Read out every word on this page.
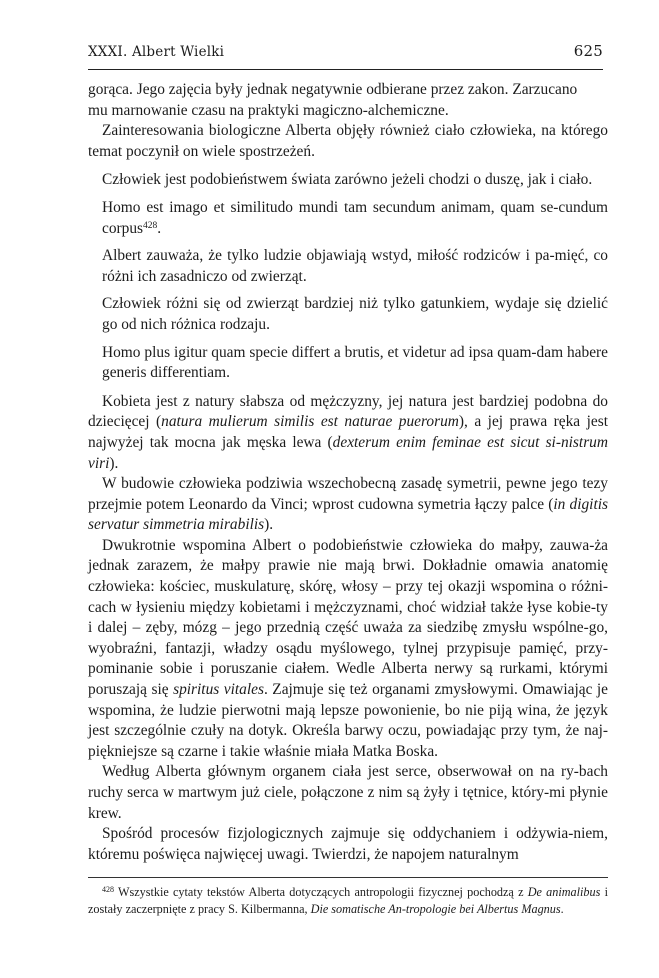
XXXI. Albert Wielki	625

gorąca. Jego zajęcia były jednak negatywnie odbierane przez zakon. Zarzucano
mu marnowanie czasu na praktyki magiczno-alchemiczne.

Zainteresowania biologiczne Alberta objęły również ciało człowieka, na którego temat poczynił on wiele spostrzeżeń.

Człowiek jest podobieństwem świata zarówno jeżeli chodzi o duszę, jak i ciało.

Homo est imago et similitudo mundi tam secundum animam, quam se-cundum corpus$^{428}$.

Albert zauważa, że tylko ludzie objawiają wstyd, miłość rodziców i pa-mięć, co różni ich zasadniczo od zwierząt.

Człowiek różni się od zwierząt bardziej niż tylko gatunkiem, wydaje się dzielić go od nich różnica rodzaju.

Homo plus igitur quam specie differt a brutis, et videtur ad ipsa quam-dam habere generis differentiam.

Kobieta jest z natury słabsza od mężczyzny, jej natura jest bardziej podobna do dziecięcej (natura mulierum similis est naturae puerorum), a jej prawa ręka jest najwyżej tak mocna jak męska lewa (dexterum enim feminae est sicut si-nistrum viri).

W budowie człowieka podziwia wszechobecną zasadę symetrii, pewne jego tezy przejmie potem Leonardo da Vinci; wprost cudowna symetria łączy palce (in digitis servatur simmetria mirabilis).

Dwukrotnie wspomina Albert o podobieństwie człowieka do małpy, zauwa-ża jednak zarazem, że małpy prawie nie mają brwi. Dokładnie omawia anatomię człowieka: kościec, muskulaturę, skórę, włosy – przy tej okazji wspomina o różni-cach w łysieniu między kobietami i mężczyznami, choć widział także łyse kobie-ty i dalej – zęby, mózg – jego przednią część uważa za siedzibę zmysłu wspólne-go, wyobraźni, fantazji, władzy osądu myślowego, tylnej przypisuje pamięć, przy-pominanie sobie i poruszanie ciałem. Wedle Alberta nerwy są rurkami, którymi poruszają się spiritus vitales. Zajmuje się też organami zmysłowymi. Omawiając je wspomina, że ludzie pierwotni mają lepsze powonienie, bo nie piją wina, że język jest szczególnie czuły na dotyk. Określa barwy oczu, powiadając przy tym, że naj-piękniejsze są czarne i takie właśnie miała Matka Boska.

Według Alberta głównym organem ciała jest serce, obserwował on na ry-bach ruchy serca w martwym już ciele, połączone z nim są żyły i tętnice, który-mi płynie krew.

Spośród procesów fizjologicznych zajmuje się oddychaniem i odżywia-niem, któremu poświęca najwięcej uwagi. Twierdzi, że napojem naturalnym

$^{428}$ Wszystkie cytaty tekstów Alberta dotyczących antropologii fizycznej pochodzą z De animalibus i zostały zaczerpnięte z pracy S. Kilbermanna, Die somatische An-tropologie bei Albertus Magnus.
